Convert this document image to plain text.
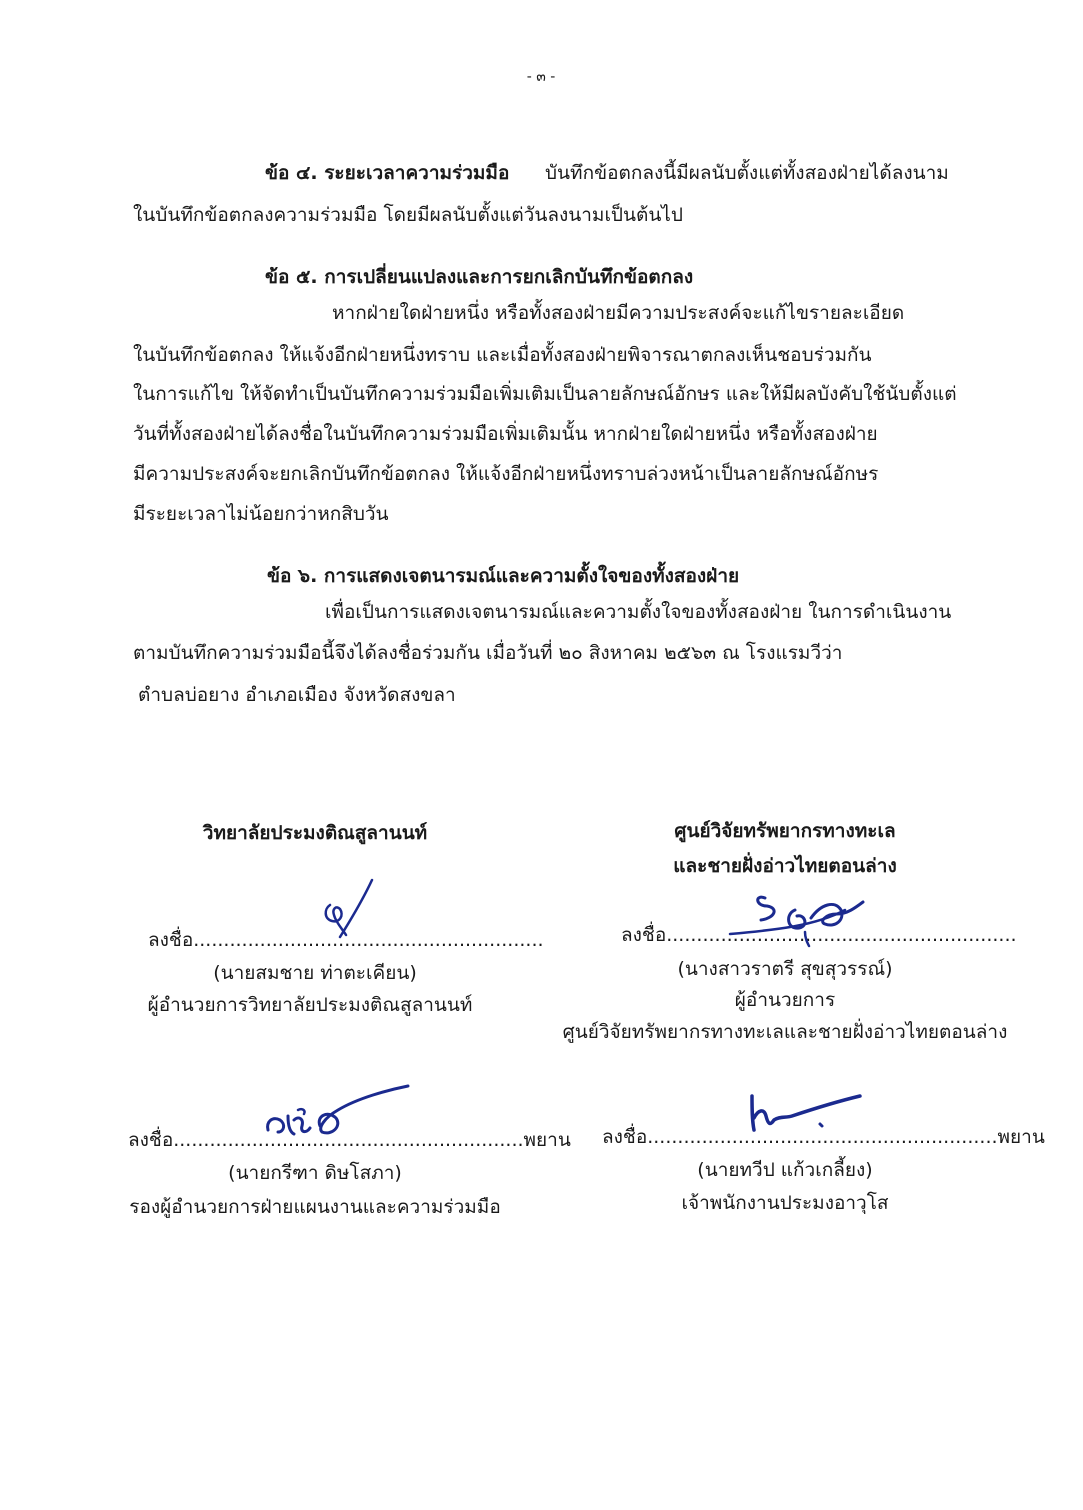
- ๓ -
ข้อ ๔. ระยะเวลาความร่วมมือ บันทึกข้อตกลงนี้มีผลนับตั้งแต่ทั้งสองฝ่ายได้ลงนาม
ในบันทึกข้อตกลงความร่วมมือ โดยมีผลนับตั้งแต่วันลงนามเป็นต้นไป
ข้อ ๕. การเปลี่ยนแปลงและการยกเลิกบันทึกข้อตกลง
หากฝ่ายใดฝ่ายหนึ่ง หรือทั้งสองฝ่ายมีความประสงค์จะแก้ไขรายละเอียด
ในบันทึกข้อตกลง ให้แจ้งอีกฝ่ายหนึ่งทราบ และเมื่อทั้งสองฝ่ายพิจารณาตกลงเห็นชอบร่วมกัน
ในการแก้ไข ให้จัดทำเป็นบันทึกความร่วมมือเพิ่มเติมเป็นลายลักษณ์อักษร และให้มีผลบังคับใช้นับตั้งแต่
วันที่ทั้งสองฝ่ายได้ลงชื่อในบันทึกความร่วมมือเพิ่มเติมนั้น หากฝ่ายใดฝ่ายหนึ่ง หรือทั้งสองฝ่าย
มีความประสงค์จะยกเลิกบันทึกข้อตกลง ให้แจ้งอีกฝ่ายหนึ่งทราบล่วงหน้าเป็นลายลักษณ์อักษร
มีระยะเวลาไม่น้อยกว่าหกสิบวัน
ข้อ ๖. การแสดงเจตนารมณ์และความตั้งใจของทั้งสองฝ่าย
เพื่อเป็นการแสดงเจตนารมณ์และความตั้งใจของทั้งสองฝ่าย ในการดำเนินงาน
ตามบันทึกความร่วมมือนี้จึงได้ลงชื่อร่วมกัน เมื่อวันที่ ๒๐ สิงหาคม ๒๕๖๓ ณ โรงแรมวีว่า
ตำบลบ่อยาง อำเภอเมือง จังหวัดสงขลา
วิทยาลัยประมงติณสูลานนท์
ลงชื่อ..........................................................
(นายสมชาย ท่าตะเคียน)
ผู้อำนวยการวิทยาลัยประมงติณสูลานนท์
ศูนย์วิจัยทรัพยากรทางทะเล
และชายฝั่งอ่าวไทยตอนล่าง
ลงชื่อ..........................................................
(นางสาวราตรี สุขสุวรรณ์)
ผู้อำนวยการ
ศูนย์วิจัยทรัพยากรทางทะเลและชายฝั่งอ่าวไทยตอนล่าง
ลงชื่อ..........................................................พยาน
(นายกรีฑา ดิษโสภา)
รองผู้อำนวยการฝ่ายแผนงานและความร่วมมือ
ลงชื่อ..........................................................พยาน
(นายทวีป แก้วเกลี้ยง)
เจ้าพนักงานประมงอาวุโส
